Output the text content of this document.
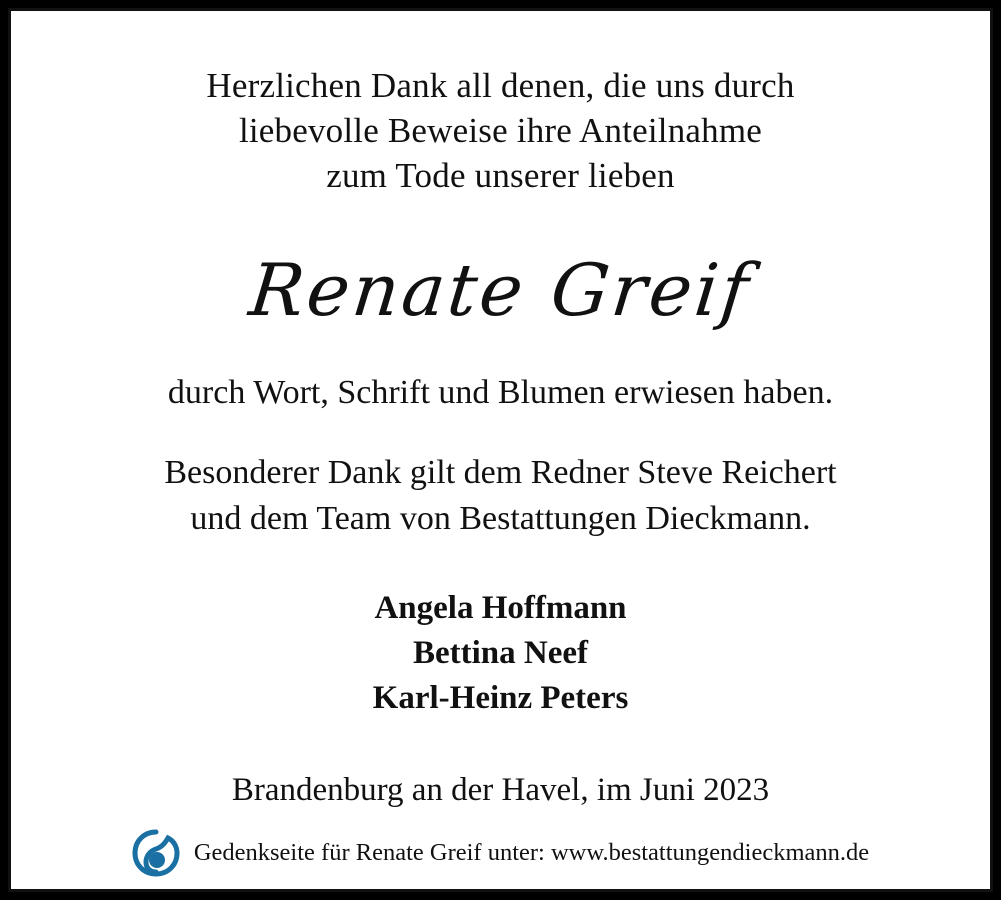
Herzlichen Dank all denen, die uns durch
liebevolle Beweise ihre Anteilnahme
zum Tode unserer lieben
Renate Greif
durch Wort, Schrift und Blumen erwiesen haben.
Besonderer Dank gilt dem Redner Steve Reichert
und dem Team von Bestattungen Dieckmann.
Angela Hoffmann
Bettina Neef
Karl-Heinz Peters
Brandenburg an der Havel, im Juni 2023
Gedenkseite für Renate Greif unter: www.bestattungendieckmann.de
